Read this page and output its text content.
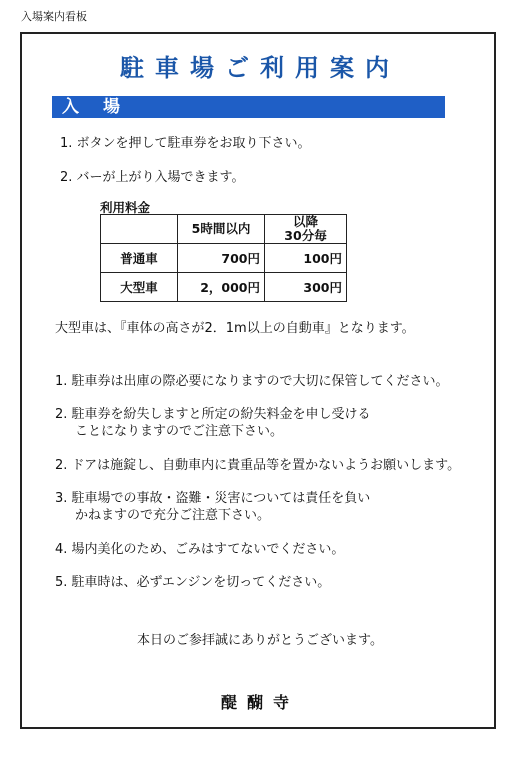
入場案内看板
駐車場ご利用案内
入場
1. ボタンを押して駐車券をお取り下さい。
2. バーが上がり入場できます。
利用料金
	5時間以内	以降
30分毎

普通車	700円	100円
大型車	2，000円	300円
大型車は、『車体の高さが2．1m以上の自動車』となります。
1. 駐車券は出庫の際必要になりますので大切に保管してください。
2. 駐車券を紛失しますと所定の紛失料金を申し受ける
ことになりますのでご注意下さい。
2. ドアは施錠し、自動車内に貴重品等を置かないようお願いします。
3. 駐車場での事故・盗難・災害については責任を負い
かねますので充分ご注意下さい。
4. 場内美化のため、ごみはすてないでください。
5. 駐車時は、必ずエンジンを切ってください。
本日のご参拝誠にありがとうございます。
醍醐寺
